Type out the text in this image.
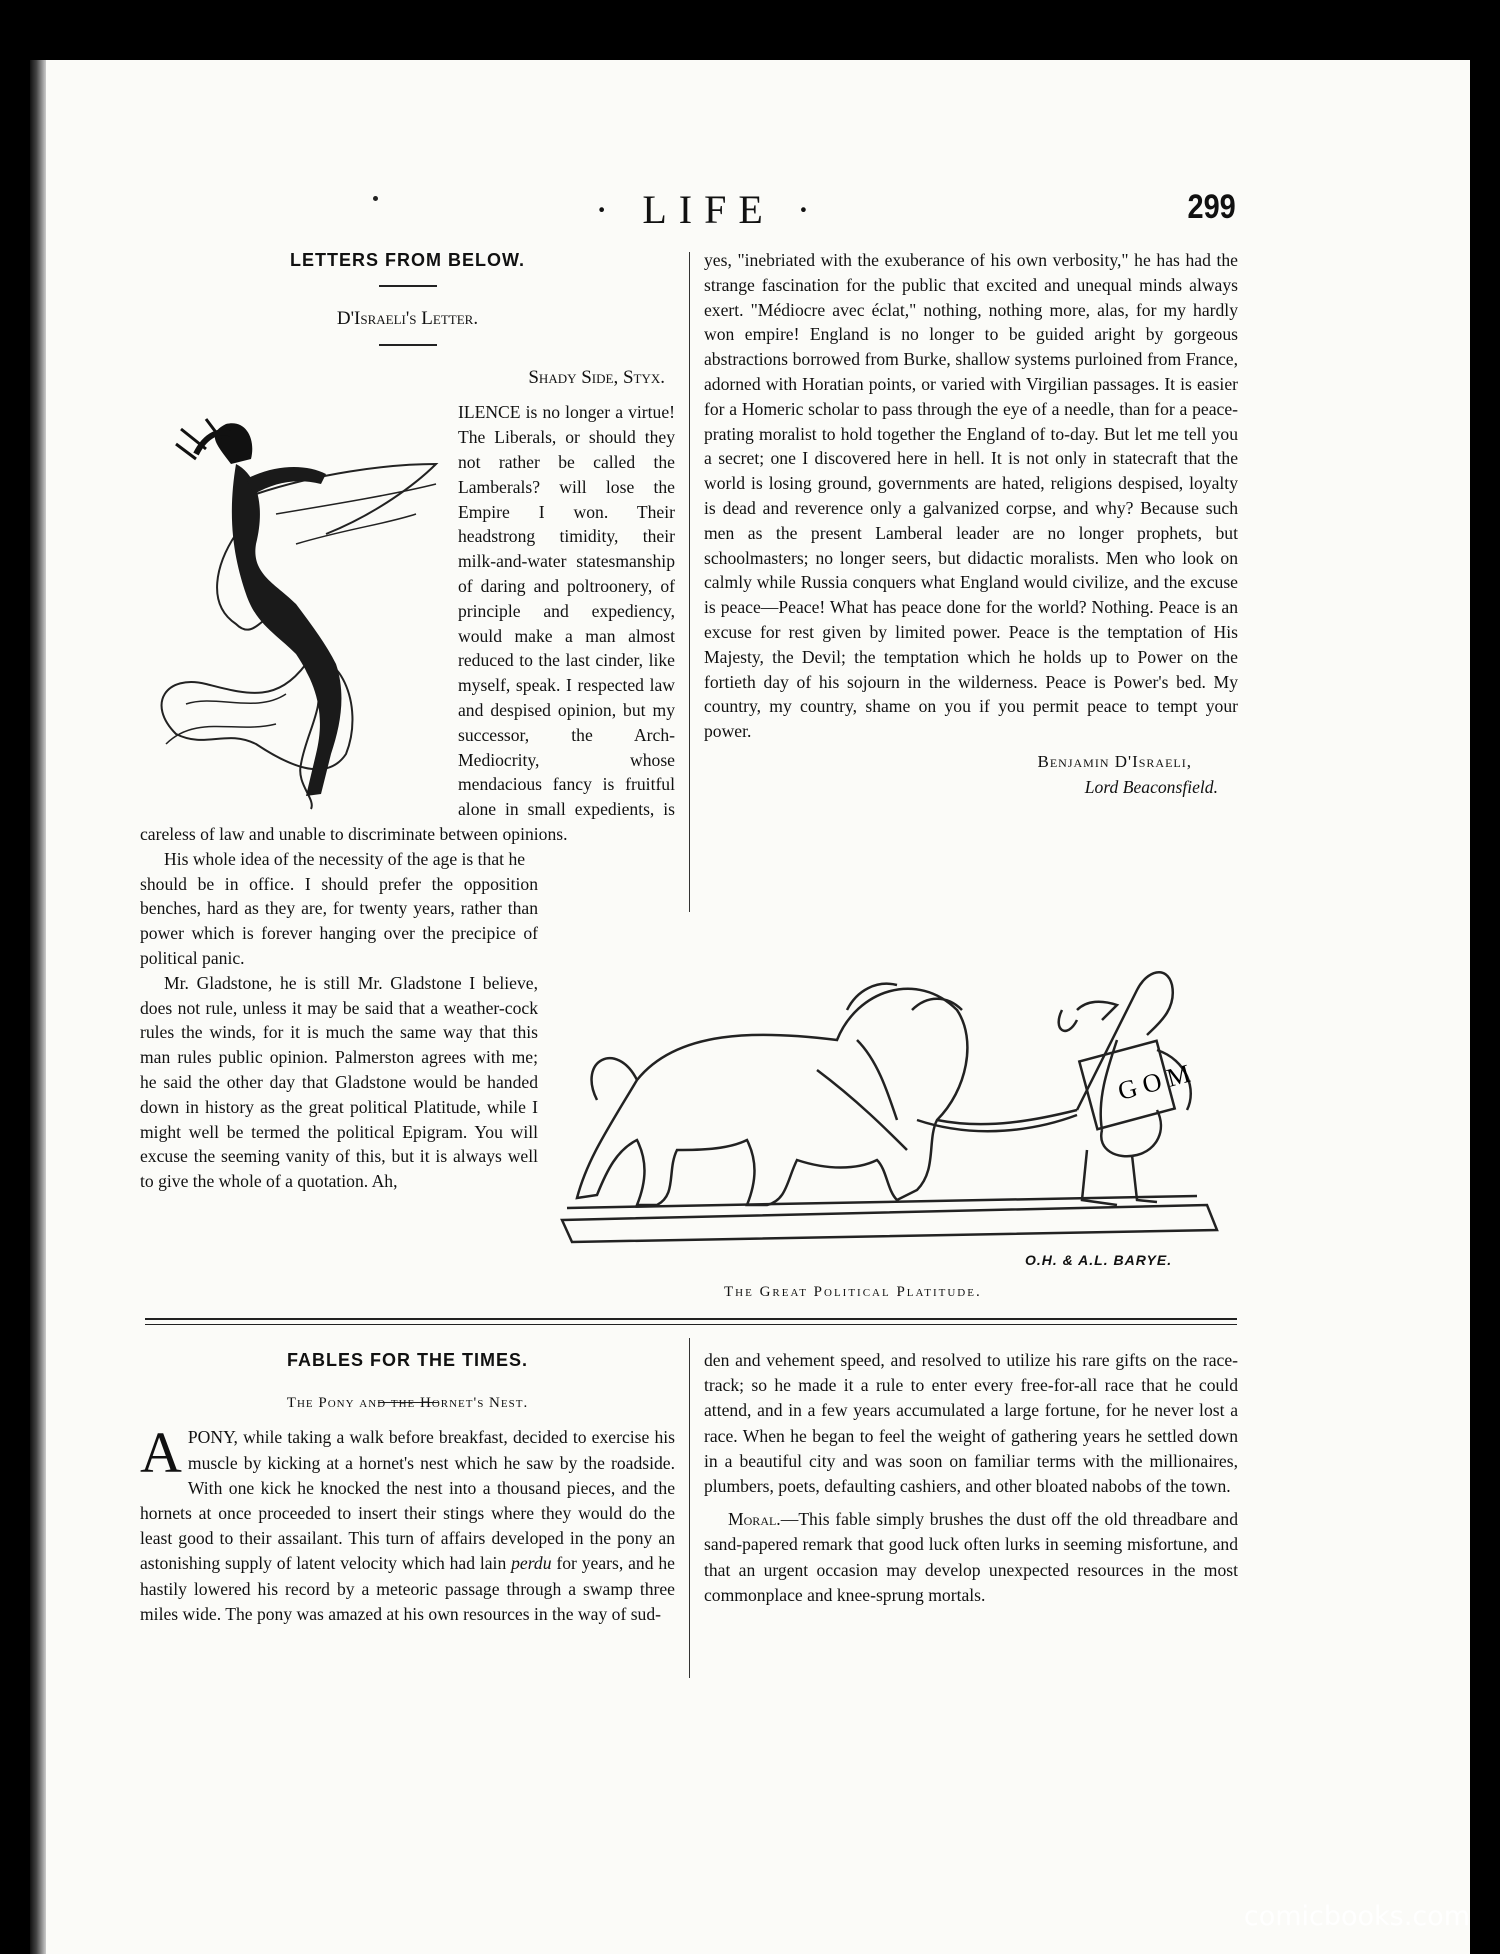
· LIFE ·	299
LETTERS FROM BELOW.
D'Israeli's Letter.
Shady Side, Styx.

ILENCE is no longer a virtue! The Liberals, or should they not rather be called the Lamberals? will lose the Empire I won. Their headstrong timidity, their milk-and-water statesmanship of daring and poltroonery, of principle and expediency, would make a man almost reduced to the last cinder, like myself, speak. I respected law and despised opinion, but my successor, the Arch-Mediocrity, whose mendacious fancy is fruitful alone in small expedients, is careless of law and unable to discriminate between opinions.

His whole idea of the necessity of the age is that he

should be in office. I should prefer the opposition benches, hard as they are, for twenty years, rather than power which is forever hanging over the precipice of political panic.

Mr. Gladstone, he is still Mr. Gladstone I believe, does not rule, unless it may be said that a weather-cock rules the winds, for it is much the same way that this man rules public opinion. Palmerston agrees with me; he said the other day that Gladstone would be handed down in history as the great political Platitude, while I might well be termed the political Epigram. You will excuse the seeming vanity of this, but it is always well to give the whole of a quotation. Ah,

yes, "inebriated with the exuberance of his own verbosity," he has had the strange fascination for the public that excited and unequal minds always exert. "Médiocre avec éclat," nothing, nothing more, alas, for my hardly won empire! England is no longer to be guided aright by gorgeous abstractions borrowed from Burke, shallow systems purloined from France, adorned with Horatian points, or varied with Virgilian passages. It is easier for a Homeric scholar to pass through the eye of a needle, than for a peace-prating moralist to hold together the England of to-day. But let me tell you a secret; one I discovered here in hell. It is not only in statecraft that the world is losing ground, governments are hated, religions despised, loyalty is dead and reverence only a galvanized corpse, and why? Because such men as the present Lamberal leader are no longer prophets, but schoolmasters; no longer seers, but didactic moralists. Men who look on calmly while Russia conquers what England would civilize, and the excuse is peace—Peace! What has peace done for the world? Nothing. Peace is an excuse for rest given by limited power. Peace is the temptation of His Majesty, the Devil; the temptation which he holds up to Power on the fortieth day of his sojourn in the wilderness. Peace is Power's bed. My country, my country, shame on you if you permit peace to tempt your power.

Benjamin D'Israeli,
Lord Beaconsfield.
G O M
O.H. & A.L. BARYE.
The Great Political Platitude.
FABLES FOR THE TIMES.
The Pony and the Hornet's Nest.

A PONY, while taking a walk before breakfast, decided to exercise his muscle by kicking at a hornet's nest which he saw by the roadside. With one kick he knocked the nest into a thousand pieces, and the hornets at once proceeded to insert their stings where they would do the least good to their assailant. This turn of affairs developed in the pony an astonishing supply of latent velocity which had lain perdu for years, and he hastily lowered his record by a meteoric passage through a swamp three miles wide. The pony was amazed at his own resources in the way of sud-

den and vehement speed, and resolved to utilize his rare gifts on the race-track; so he made it a rule to enter every free-for-all race that he could attend, and in a few years accumulated a large fortune, for he never lost a race. When he began to feel the weight of gathering years he settled down in a beautiful city and was soon on familiar terms with the millionaires, plumbers, poets, defaulting cashiers, and other bloated nabobs of the town.

Moral.—This fable simply brushes the dust off the old threadbare and sand-papered remark that good luck often lurks in seeming misfortune, and that an urgent occasion may develop unexpected resources in the most commonplace and knee-sprung mortals.

comicbooks.com
